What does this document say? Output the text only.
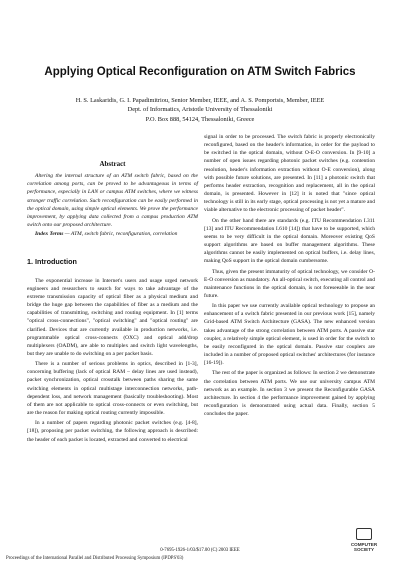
Applying Optical Reconfiguration on ATM Switch Fabrics
H. S. Laskaridis, G. I. Papadimitriou, Senior Member, IEEE, and A. S. Pomportsis, Member, IEEE
Dept. of Informatics, Aristotle University of Thessaloniki
P.O. Box 888, 54124, Thessaloniki, Greece
Abstract

Altering the internal structure of an ATM switch fabric, based on the correlation among ports, can be proved to be advantageous in terms of performance, especially in LAN or campus ATM switches, where we witness stronger traffic correlation. Such reconfiguration can be easily performed in the optical domain, using simple optical elements. We prove the performance improvement, by applying data collected from a campus production ATM switch onto our proposed architecture.

Index Terms — ATM, switch fabric, reconfiguration, correlation

1. Introduction

The exponential increase in Internet's users and usage urged network engineers and researchers to search for ways to take advantage of the extreme transmission capacity of optical fiber as a physical medium and bridge the huge gap between the capabilities of fiber as a medium and the capabilities of transmitting, switching and routing equipment. In [1] terms "optical cross-connections", "optical switching" and "optical routing" are clarified. Devices that are currently available in production networks, i.e. programmable optical cross-connects (OXC) and optical add/drop multiplexers (OADM), are able to multiplex and switch light wavelengths, but they are unable to do switching on a per packet basis.

There is a number of serious problems in optics, described in [1-3], concerning buffering (lack of optical RAM – delay lines are used instead), packet synchronization, optical crosstalk between paths sharing the same switching elements in optical multistage interconnection networks, path-dependent loss, and network management (basically troubleshooting). Most of them are not applicable to optical cross-connects or even switching, but are the reason for making optical routing currently impossible.

In a number of papers regarding photonic packet switches (e.g. [4-8], [18]), proposing per packet switching, the following approach is described: the header of each packet is located, extracted and converted to electrical

signal in order to be processed. The switch fabric is properly electronically reconfigured, based on the header's information, in order for the payload to be switched in the optical domain, without O-E-O conversion. In [9-10] a number of open issues regarding photonic packet switches (e.g. contention resolution, header's information extraction without O-E conversion), along with possible future solutions, are presented. In [11] a photonic switch that performs header extraction, recognition and replacement, all in the optical domain, is presented. However in [12] it is noted that "since optical technology is still in its early stage, optical processing is not yet a mature and viable alternative to the electronic processing of packet header".

On the other hand there are standards (e.g. ITU Recommendation I.311 [13] and ITU Recommendation I.610 [14]) that have to be supported, which seems to be very difficult in the optical domain. Moreover existing QoS support algorithms are based on buffer management algorithms. These algorithms cannot be easily implemented on optical buffers, i.e. delay lines, making QoS support in the optical domain cumbersome.

Thus, given the present immaturity of optical technology, we consider O-E-O conversion as mandatory. An all-optical switch, executing all control and maintenance functions in the optical domain, is not foreseeable in the near future.

In this paper we use currently available optical technology to propose an enhancement of a switch fabric presented in our previous work [15], namely Grid-based ATM Switch Architecture (GASA). The new enhanced version takes advantage of the strong correlation between ATM ports. A passive star coupler, a relatively simple optical element, is used in order for the switch to be easily reconfigured in the optical domain. Passive star couplers are included in a number of proposed optical switches' architectures (for instance [16-19]).

The rest of the paper is organized as follows: In section 2 we demonstrate the correlation between ATM ports. We use our university campus ATM network as an example. In section 3 we present the Reconfigurable GASA architecture. In section 4 the performance improvement gained by applying reconfiguration is demonstrated using actual data. Finally, section 5 concludes the paper.

0-7695-1926-1/03/$17.00 (C) 2003 IEEE
Proceedings of the International Parallel and Distributed Processing Symposium (IPDPS'03)
COMPUTER SOCIETY
